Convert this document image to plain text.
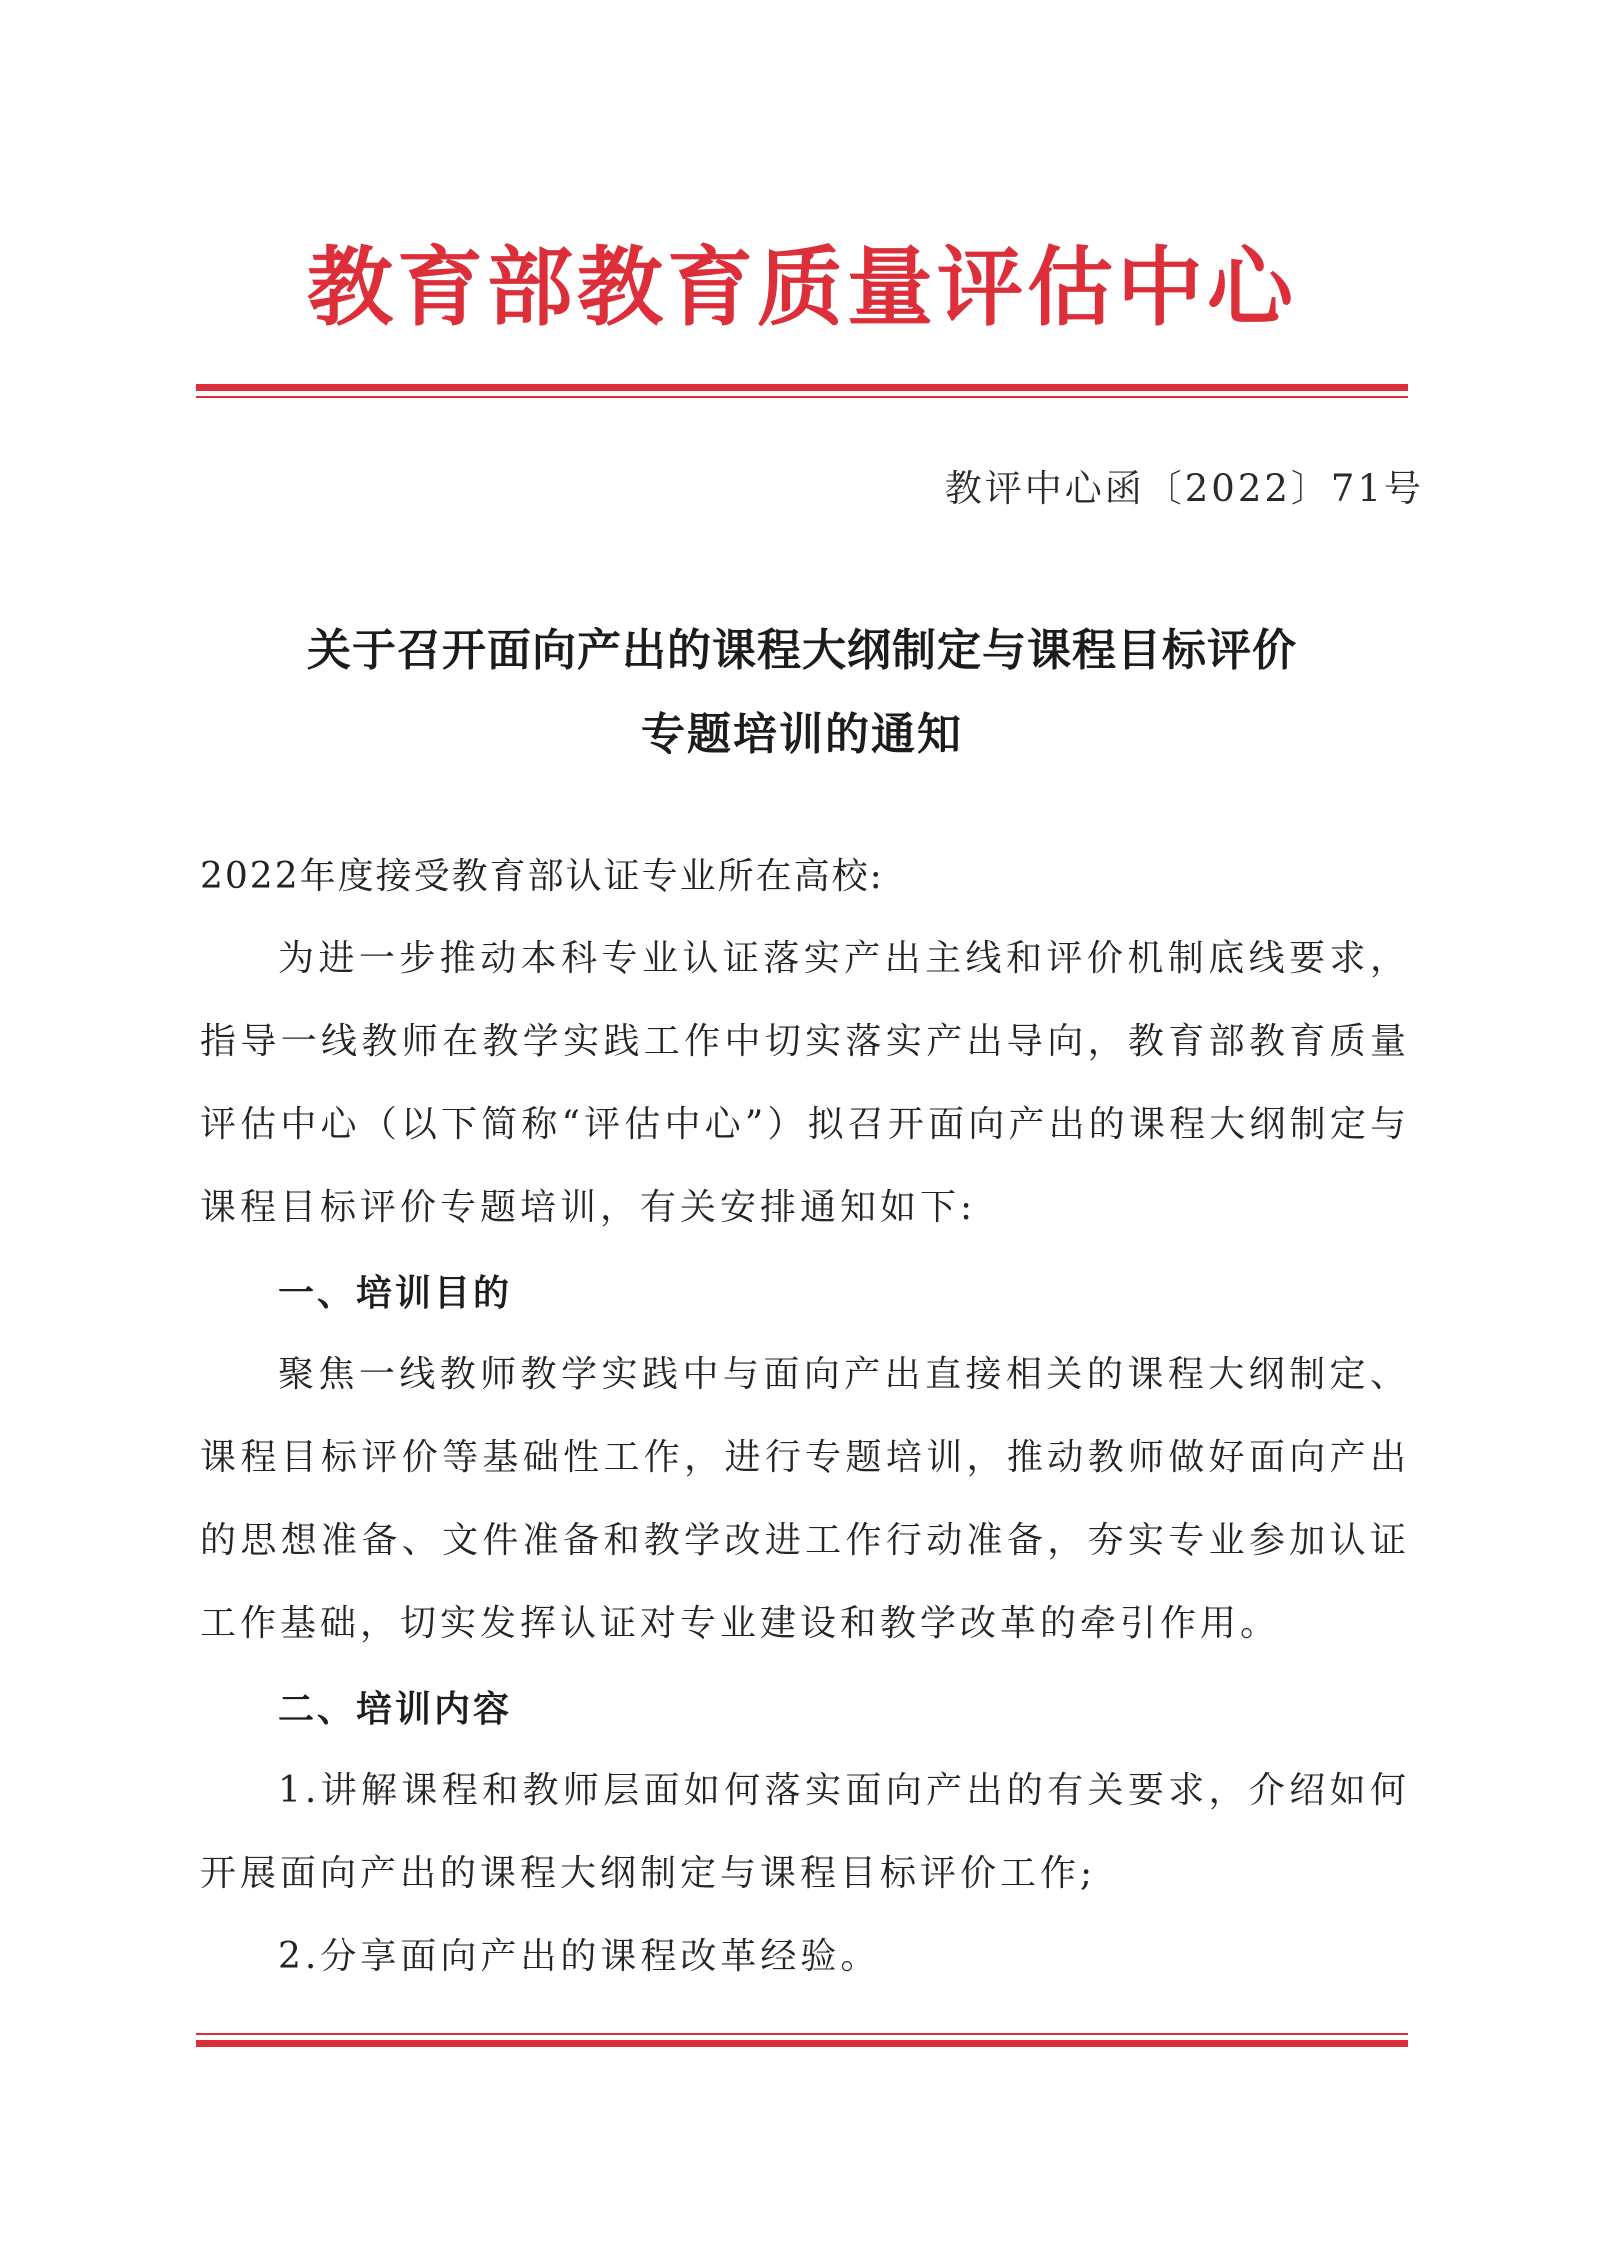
教育部教育质量评估中心
教评中心函〔2022〕71号
关于召开面向产出的课程大纲制定与课程目标评价
专题培训的通知
2022年度接受教育部认证专业所在高校:
为进一步推动本科专业认证落实产出主线和评价机制底线要求，指导一线教师在教学实践工作中切实落实产出导向，教育部教育质量评估中心（以下简称“评估中心”）拟召开面向产出的课程大纲制定与课程目标评价专题培训，有关安排通知如下:
一、培训目的
聚焦一线教师教学实践中与面向产出直接相关的课程大纲制定、课程目标评价等基础性工作，进行专题培训，推动教师做好面向产出的思想准备、文件准备和教学改进工作行动准备，夯实专业参加认证工作基础，切实发挥认证对专业建设和教学改革的牵引作用。
二、培训内容
1.讲解课程和教师层面如何落实面向产出的有关要求，介绍如何开展面向产出的课程大纲制定与课程目标评价工作;
2.分享面向产出的课程改革经验。
